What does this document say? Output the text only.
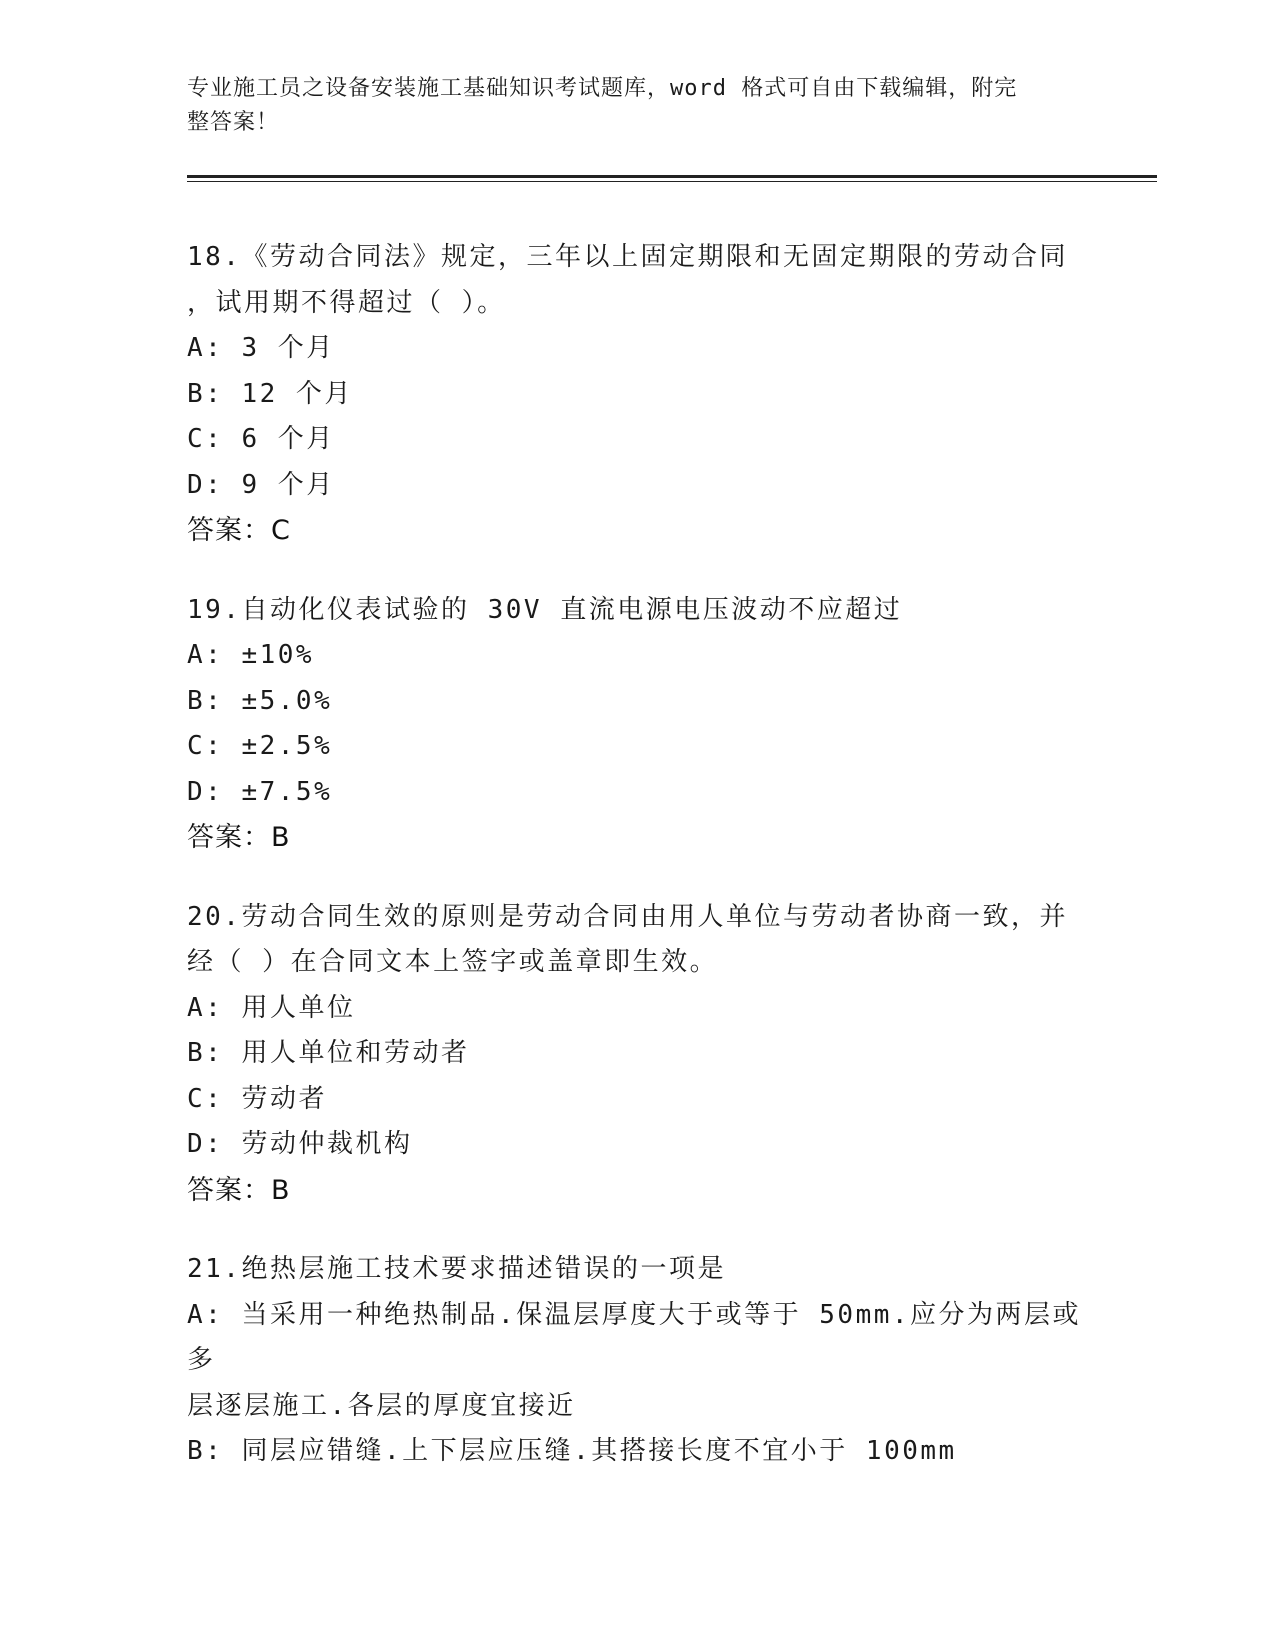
专业施工员之设备安装施工基础知识考试题库，word 格式可自由下载编辑，附完
整答案！
18.《劳动合同法》规定，三年以上固定期限和无固定期限的劳动合同
，试用期不得超过（ ）。
A: 3 个月
B: 12 个月
C: 6 个月
D: 9 个月
答案：C
19.自动化仪表试验的 30V 直流电源电压波动不应超过
A: ±10%
B: ±5.0%
C: ±2.5%
D: ±7.5%
答案：B
20.劳动合同生效的原则是劳动合同由用人单位与劳动者协商一致，并
经（ ）在合同文本上签字或盖章即生效。
A: 用人单位
B: 用人单位和劳动者
C: 劳动者
D: 劳动仲裁机构
答案：B
21.绝热层施工技术要求描述错误的一项是
A: 当采用一种绝热制品.保温层厚度大于或等于 50mm.应分为两层或多
层逐层施工.各层的厚度宜接近
B: 同层应错缝.上下层应压缝.其搭接长度不宜小于 100mm
